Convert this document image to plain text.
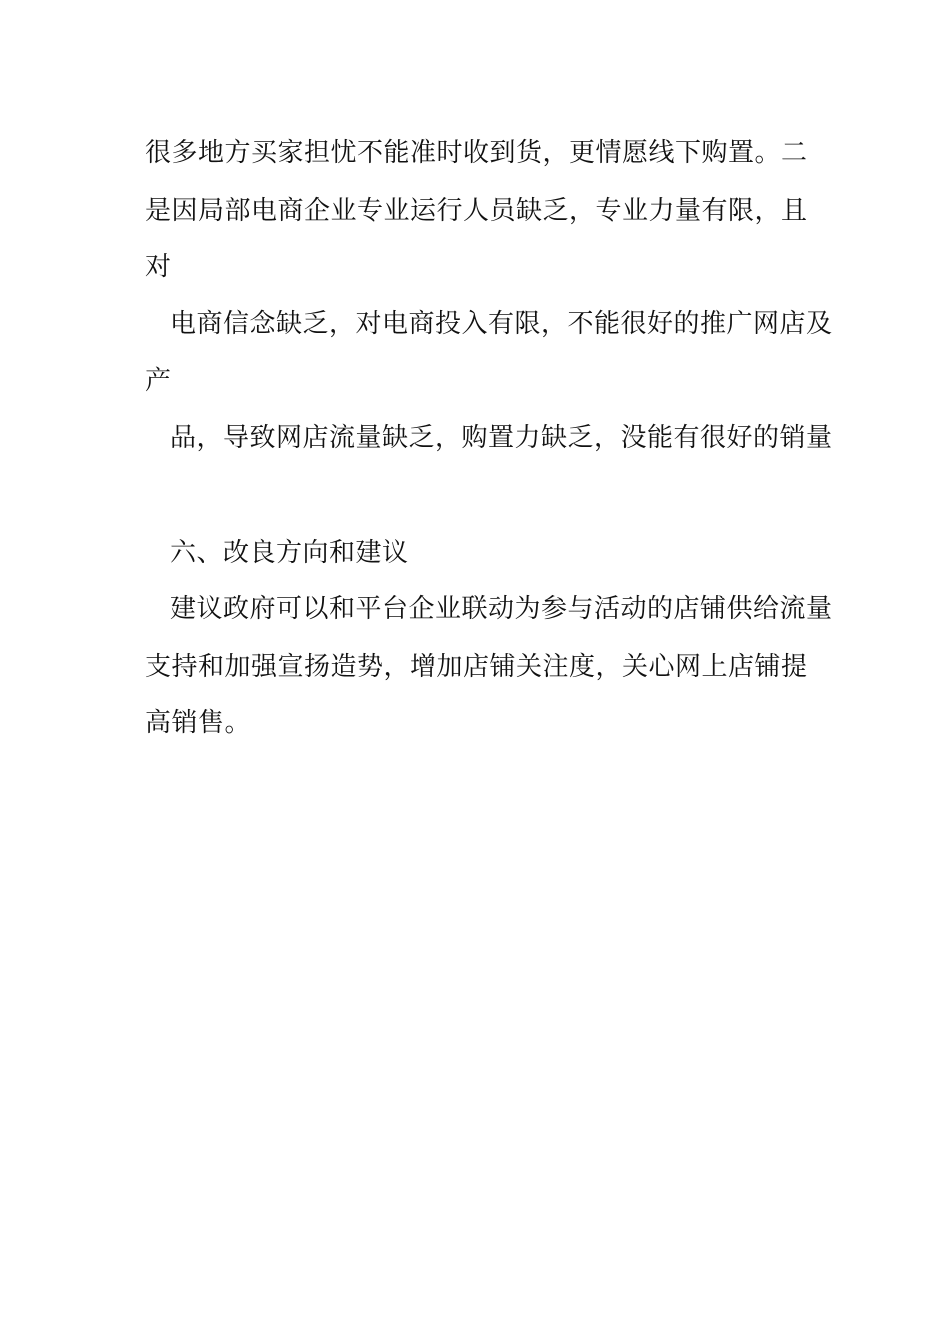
很多地方买家担忧不能准时收到货，更情愿线下购置。二
是因局部电商企业专业运行人员缺乏，专业力量有限，且
对
电商信念缺乏，对电商投入有限，不能很好的推广网店及
产
品，导致网店流量缺乏，购置力缺乏，没能有很好的销量
六、改良方向和建议
建议政府可以和平台企业联动为参与活动的店铺供给流量
支持和加强宣扬造势，增加店铺关注度，关心网上店铺提
高销售。
